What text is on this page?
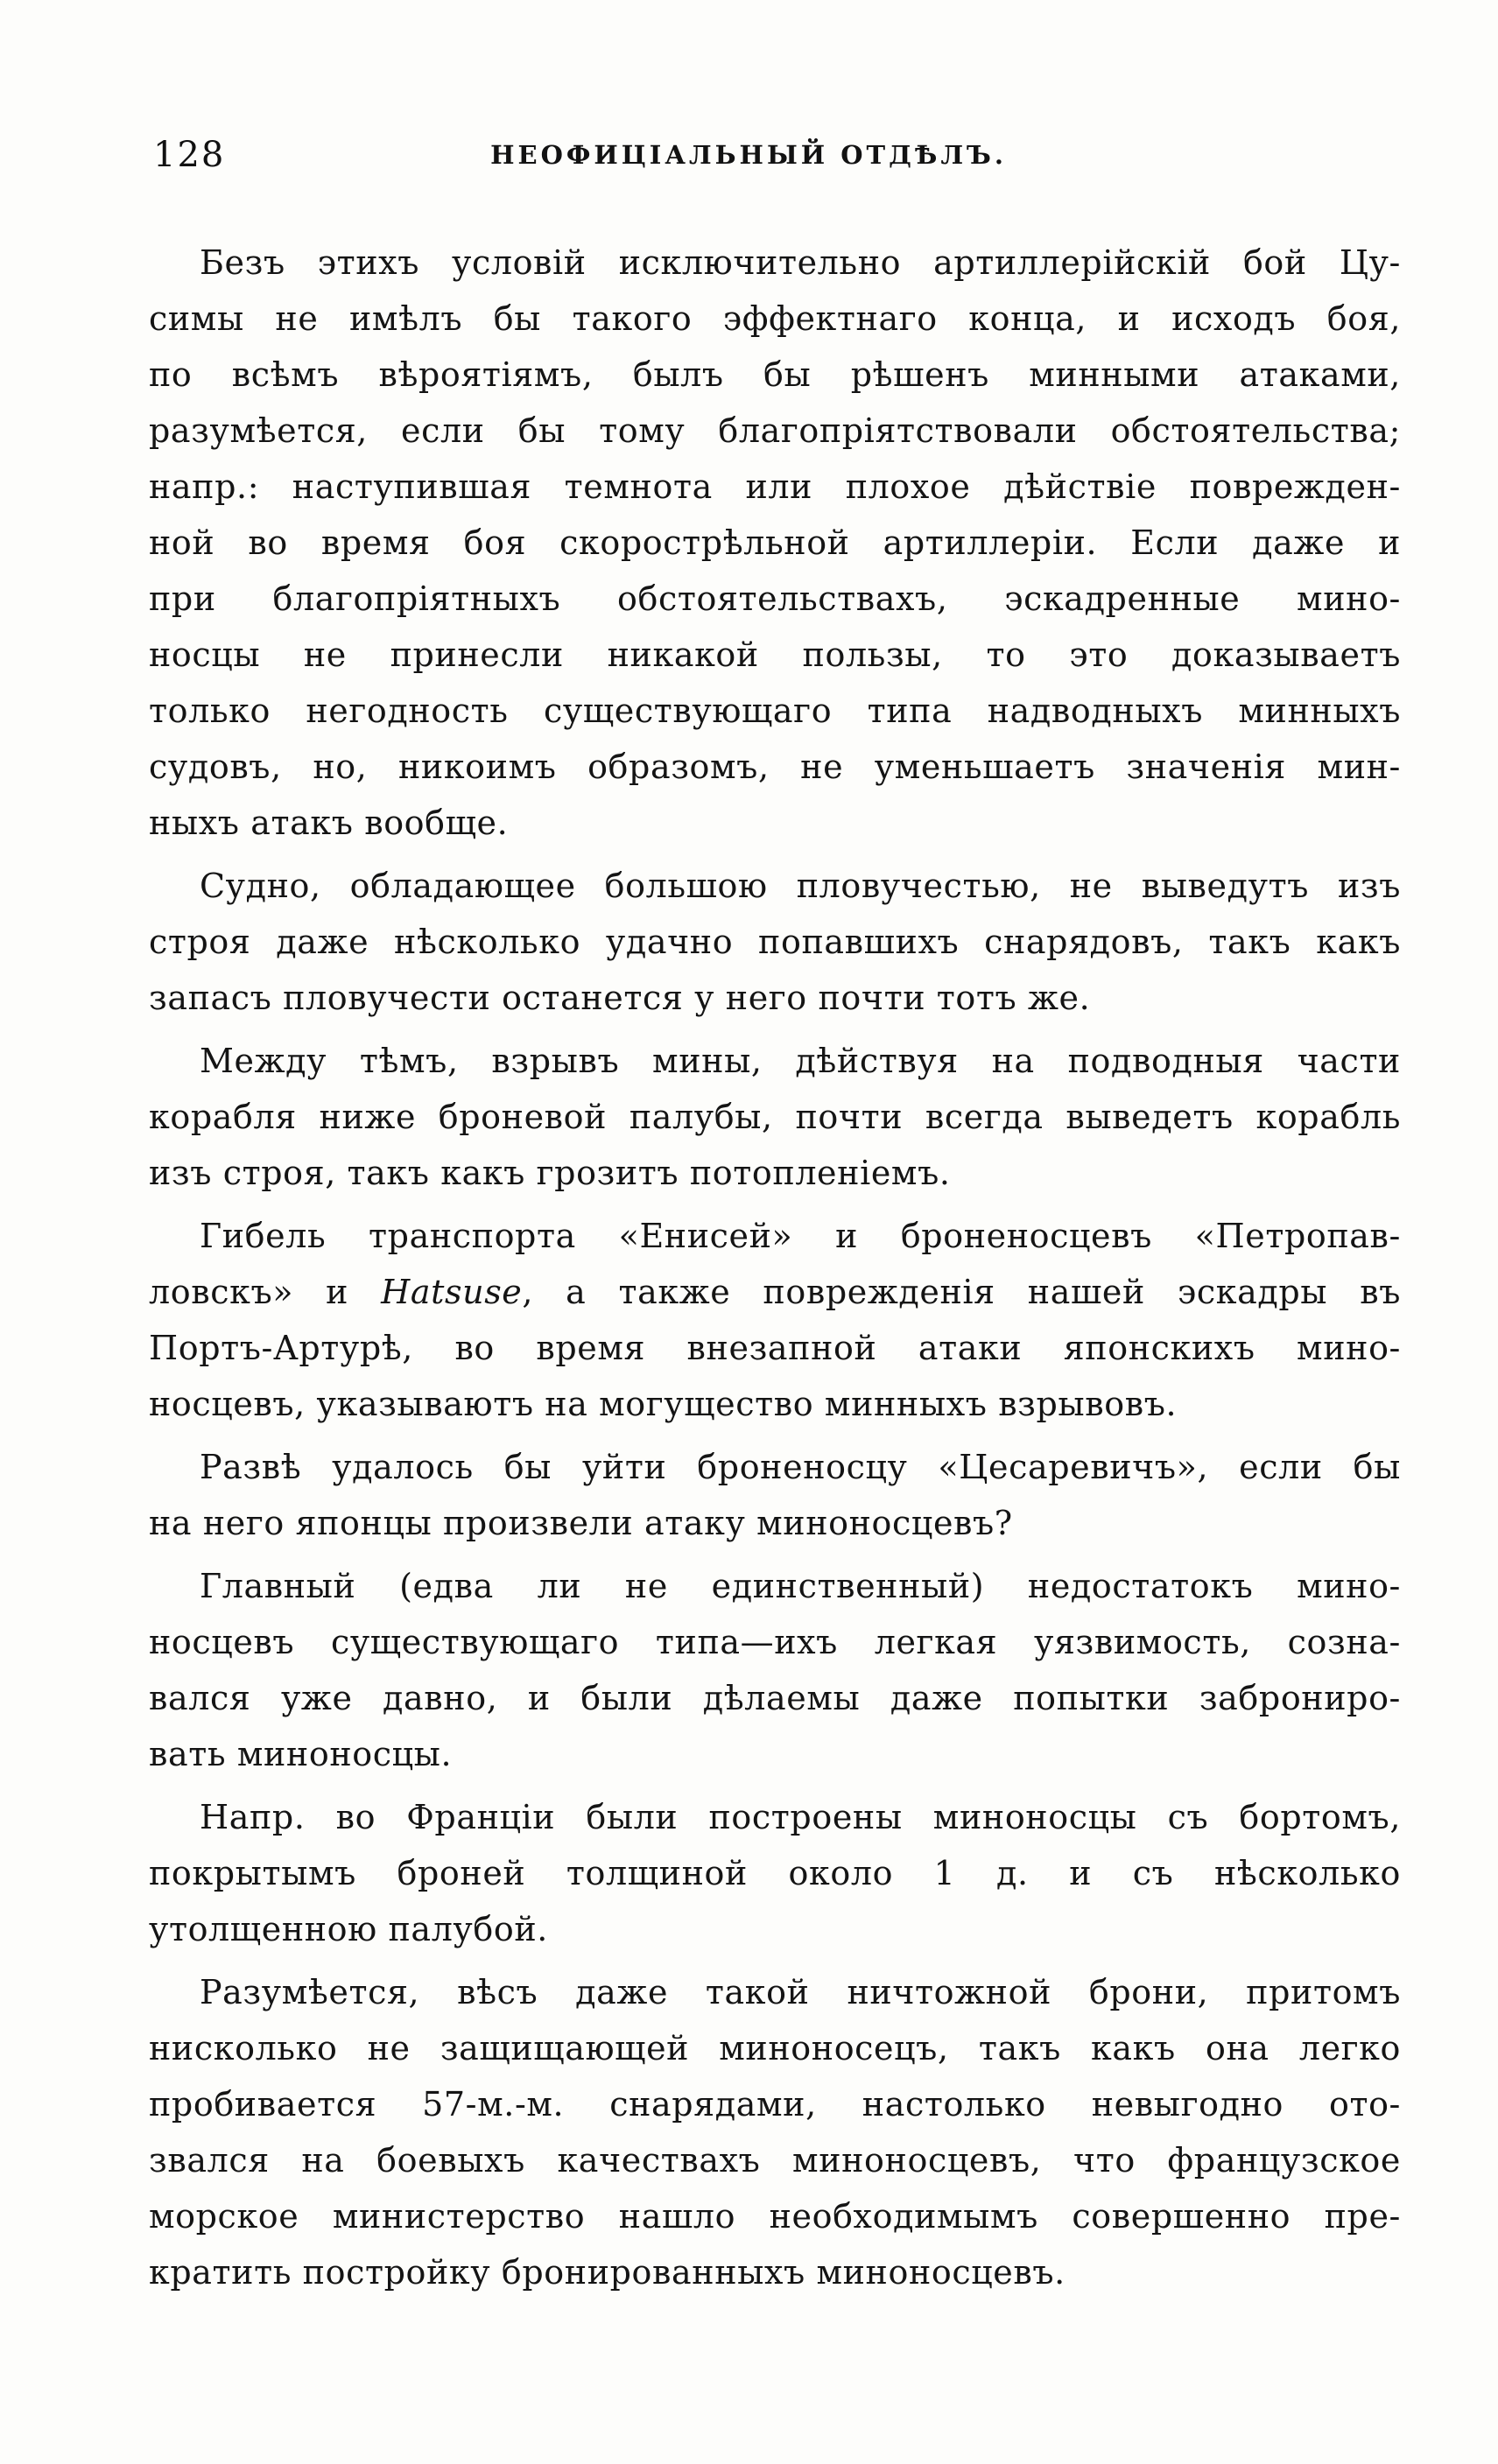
128	НЕОФИЦІАЛЬНЫЙ ОТДѢЛЪ.
Безъ этихъ условій исключительно артиллерійскій бой Цу-
симы не имѣлъ бы такого эффектнаго конца, и исходъ боя,
по всѣмъ вѣроятіямъ, былъ бы рѣшенъ минными атаками,
разумѣется, если бы тому благопріятствовали обстоятельства;
напр.: наступившая темнота или плохое дѣйствіе поврежден-
ной во время боя скорострѣльной артиллеріи. Если даже и
при благопріятныхъ обстоятельствахъ, эскадренные мино-
носцы не принесли никакой пользы, то это доказываетъ
только негодность существующаго типа надводныхъ минныхъ
судовъ, но, никоимъ образомъ, не уменьшаетъ значенія мин-
ныхъ атакъ вообще.
Судно, обладающее большою пловучестью, не выведутъ изъ
строя даже нѣсколько удачно попавшихъ снарядовъ, такъ какъ
запасъ пловучести останется у него почти тотъ же.
Между тѣмъ, взрывъ мины, дѣйствуя на подводныя части
корабля ниже броневой палубы, почти всегда выведетъ корабль
изъ строя, такъ какъ грозитъ потопленіемъ.
Гибель транспорта «Енисей» и броненосцевъ «Петропав-
ловскъ» и Hatsuse, а также поврежденія нашей эскадры въ
Портъ-Артурѣ, во время внезапной атаки японскихъ мино-
носцевъ, указываютъ на могущество минныхъ взрывовъ.
Развѣ удалось бы уйти броненосцу «Цесаревичъ», если бы
на него японцы произвели атаку миноносцевъ?
Главный (едва ли не единственный) недостатокъ мино-
носцевъ существующаго типа—ихъ легкая уязвимость, созна-
вался уже давно, и были дѣлаемы даже попытки заброниро-
вать миноносцы.
Напр. во Франціи были построены миноносцы съ бортомъ,
покрытымъ броней толщиной около 1 д. и съ нѣсколько
утолщенною палубой.
Разумѣется, вѣсъ даже такой ничтожной брони, притомъ
нисколько не защищающей миноносецъ, такъ какъ она легко
пробивается 57-м.-м. снарядами, настолько невыгодно ото-
звался на боевыхъ качествахъ миноносцевъ, что французское
морское министерство нашло необходимымъ совершенно пре-
кратить постройку бронированныхъ миноносцевъ.
